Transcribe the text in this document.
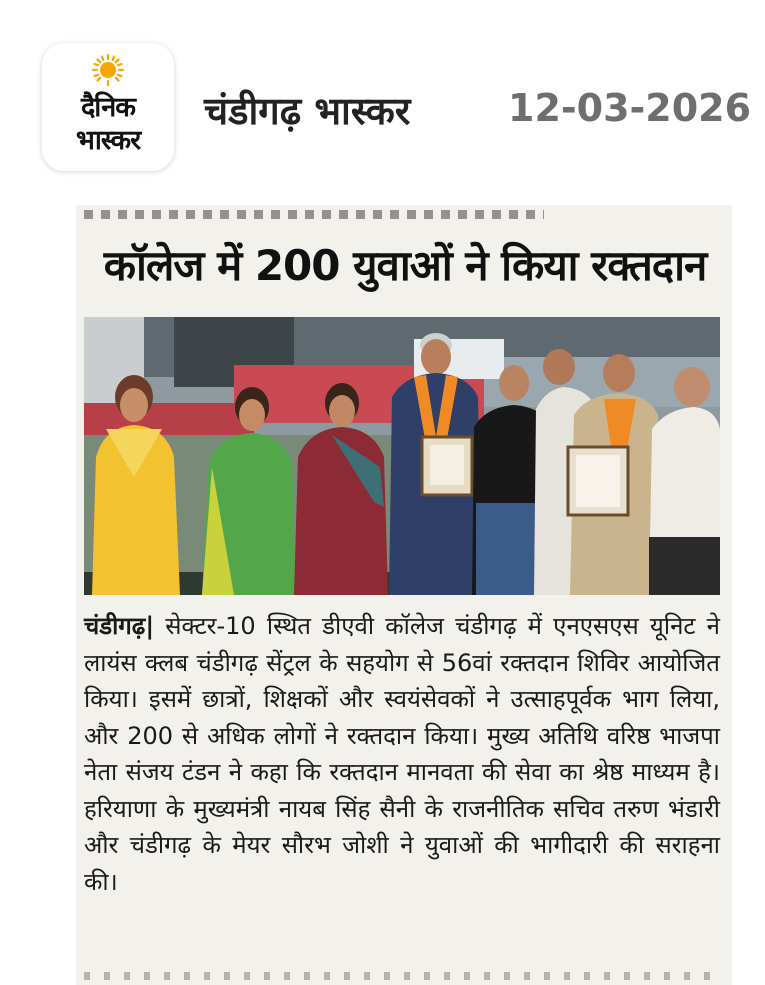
दैनिक
भास्कर
चंडीगढ़ भास्कर	12-03-2026
कॉलेज में 200 युवाओं ने किया रक्तदान
चंडीगढ़| सेक्टर-10 स्थित डीएवी कॉलेज चंडीगढ़ में एनएसएस यूनिट ने लायंस क्लब चंडीगढ़ सेंट्रल के सहयोग से 56वां रक्तदान शिविर आयोजित किया। इसमें छात्रों, शिक्षकों और स्वयंसेवकों ने उत्साहपूर्वक भाग लिया, और 200 से अधिक लोगों ने रक्तदान किया। मुख्य अतिथि वरिष्ठ भाजपा नेता संजय टंडन ने कहा कि रक्तदान मानवता की सेवा का श्रेष्ठ माध्यम है। हरियाणा के मुख्यमंत्री नायब सिंह सैनी के राजनीतिक सचिव तरुण भंडारी और चंडीगढ़ के मेयर सौरभ जोशी ने युवाओं की भागीदारी की सराहना की।
